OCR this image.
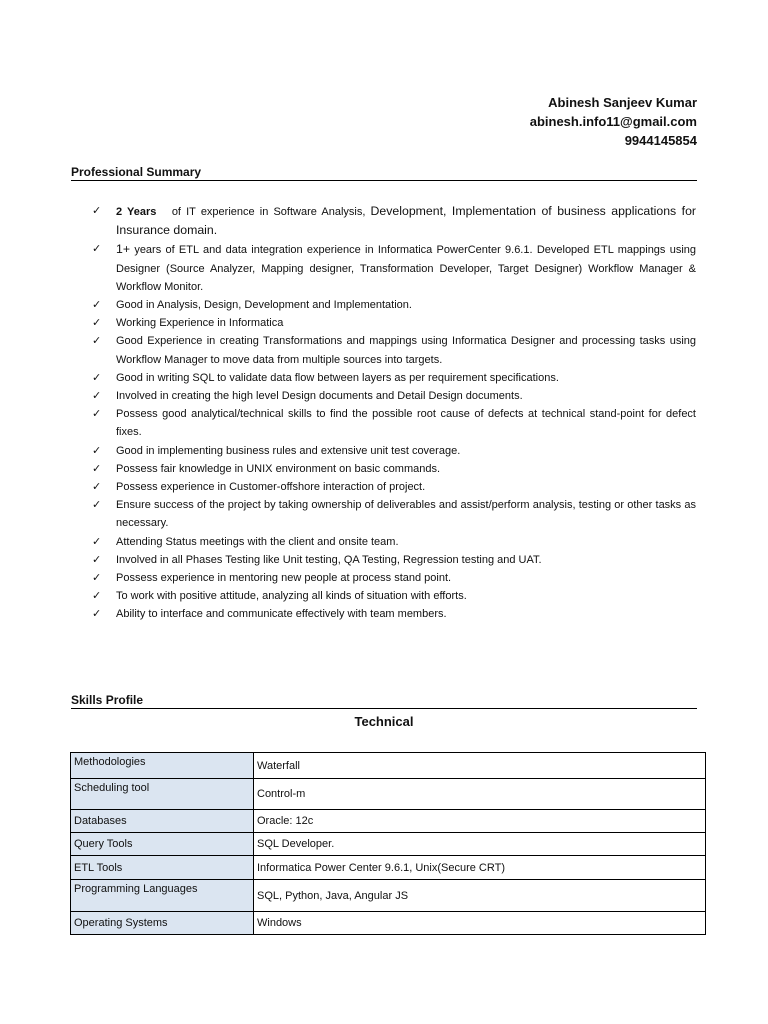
Abinesh Sanjeev Kumar
abinesh.info11@gmail.com
9944145854
Professional Summary
✓ 2 Years of IT experience in Software Analysis, Development, Implementation of business applications for Insurance domain.
✓ 1+ years of ETL and data integration experience in Informatica PowerCenter 9.6.1. Developed ETL mappings using Designer (Source Analyzer, Mapping designer, Transformation Developer, Target Designer) Workflow Manager & Workflow Monitor.
✓ Good in Analysis, Design, Development and Implementation.
✓ Working Experience in Informatica
✓ Good Experience in creating Transformations and mappings using Informatica Designer and processing tasks using Workflow Manager to move data from multiple sources into targets.
✓ Good in writing SQL to validate data flow between layers as per requirement specifications.
✓ Involved in creating the high level Design documents and Detail Design documents.
✓ Possess good analytical/technical skills to find the possible root cause of defects at technical stand-point for defect fixes.
✓ Good in implementing business rules and extensive unit test coverage.
✓ Possess fair knowledge in UNIX environment on basic commands.
✓ Possess experience in Customer-offshore interaction of project.
✓ Ensure success of the project by taking ownership of deliverables and assist/perform analysis, testing or other tasks as necessary.
✓ Attending Status meetings with the client and onsite team.
✓ Involved in all Phases Testing like Unit testing, QA Testing, Regression testing and UAT.
✓ Possess experience in mentoring new people at process stand point.
✓ To work with positive attitude, analyzing all kinds of situation with efforts.
✓ Ability to interface and communicate effectively with team members.
Skills Profile
Technical
Methodologies	Waterfall
Scheduling tool	Control-m
Databases	Oracle: 12c
Query Tools	SQL Developer.
ETL Tools	Informatica Power Center 9.6.1, Unix(Secure CRT)
Programming Languages	SQL, Python, Java, Angular JS
Operating Systems	Windows
